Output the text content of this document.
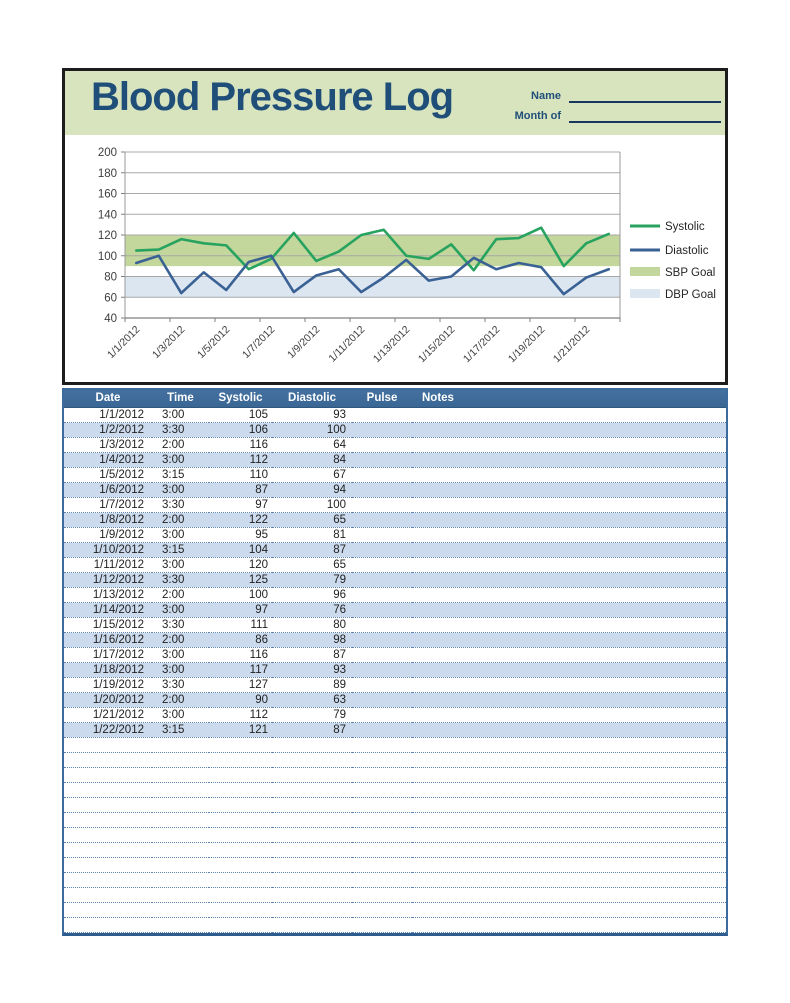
Blood Pressure Log	Name
Month of
40
60
80
100
120
140
160
180
200
1/1/2012 1/3/2012 1/5/2012 1/7/2012 1/9/2012 1/11/2012 1/13/2012 1/15/2012 1/17/2012 1/19/2012 1/21/2012
Systolic
Diastolic
SBP Goal
DBP Goal
Date	Time	Systolic	Diastolic	Pulse	Notes
1/1/2012	3:00	105	93		
1/2/2012	3:30	106	100		
1/3/2012	2:00	116	64		
1/4/2012	3:00	112	84		
1/5/2012	3:15	110	67		
1/6/2012	3:00	87	94		
1/7/2012	3:30	97	100		
1/8/2012	2:00	122	65		
1/9/2012	3:00	95	81		
1/10/2012	3:15	104	87		
1/11/2012	3:00	120	65		
1/12/2012	3:30	125	79		
1/13/2012	2:00	100	96		
1/14/2012	3:00	97	76		
1/15/2012	3:30	111	80		
1/16/2012	2:00	86	98		
1/17/2012	3:00	116	87		
1/18/2012	3:00	117	93		
1/19/2012	3:30	127	89		
1/20/2012	2:00	90	63		
1/21/2012	3:00	112	79		
1/22/2012	3:15	121	87		
